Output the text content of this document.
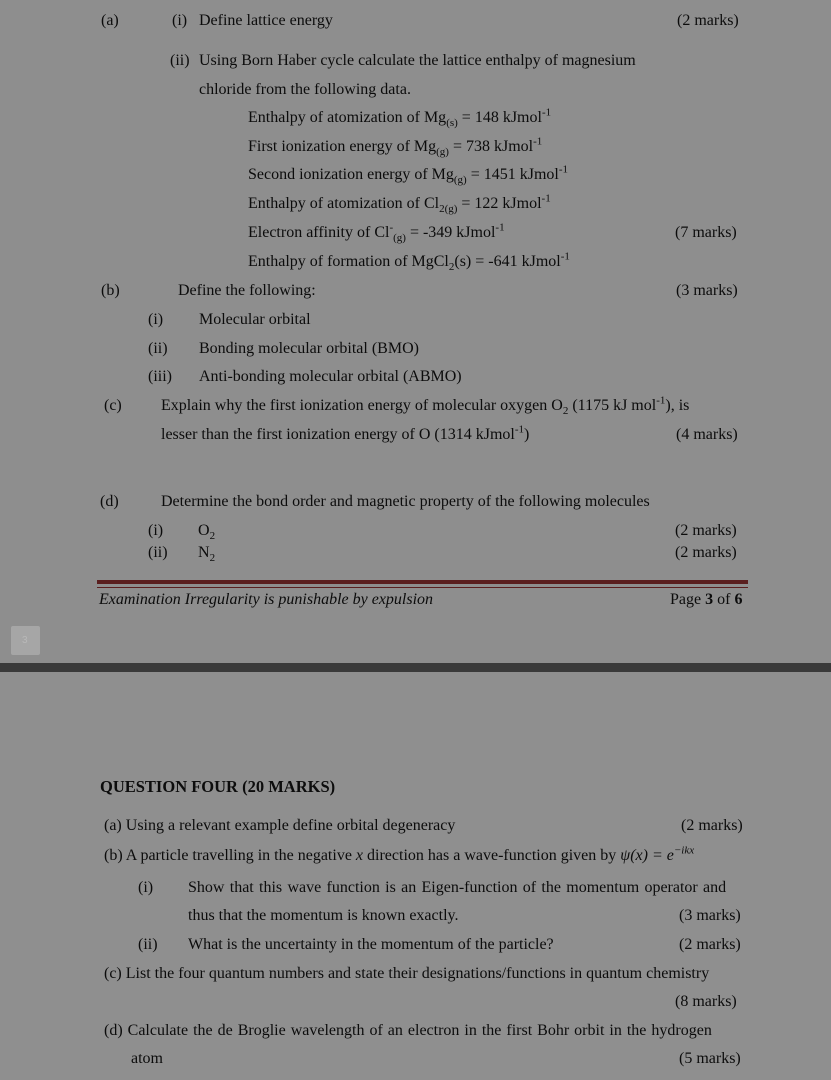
(a)	(i) Define lattice energy	(2 marks)
(ii) Using Born Haber cycle calculate the lattice enthalpy of magnesium
chloride from the following data.
Enthalpy of atomization of $Mg_{(s)} = 148$ kJmol$^{-1}$
First ionization energy of $Mg_{(g)} = 738$ kJmol$^{-1}$
Second ionization energy of $Mg_{(g)} = 1451$ kJmol$^{-1}$
Enthalpy of atomization of $Cl_{2(g)} = 122$ kJmol$^{-1}$
Electron affinity of $Cl^-_{(g)} = -349$ kJmol$^{-1}$	(7 marks)
Enthalpy of formation of MgCl$_2$(s) = -641 kJmol$^{-1}$
(b)	Define the following:	(3 marks)
(i) Molecular orbital
(ii) Bonding molecular orbital (BMO)
(iii) Anti-bonding molecular orbital (ABMO)
(c) Explain why the first ionization energy of molecular oxygen $O_2$ (1175 kJ mol$^{-1}$), is
lesser than the first ionization energy of O (1314 kJmol$^{-1}$)	(4 marks)
(d)	Determine the bond order and magnetic property of the following molecules
(i) $O_2$	(2 marks)
(ii) $N_2$	(2 marks)
Examination Irregularity is punishable by expulsion	Page 3 of 6
3
QUESTION FOUR (20 MARKS)
(a) Using a relevant example define orbital degeneracy	(2 marks)
(b) A particle travelling in the negative x direction has a wave-function given by $\psi(x) = e^{-ikx}$
(i) Show that this wave function is an Eigen-function of the momentum operator and
thus that the momentum is known exactly.	(3 marks)
(ii) What is the uncertainty in the momentum of the particle?	(2 marks)
(c) List the four quantum numbers and state their designations/functions in quantum chemistry
(8 marks)
(d) Calculate the de Broglie wavelength of an electron in the first Bohr orbit in the hydrogen
atom	(5 marks)
